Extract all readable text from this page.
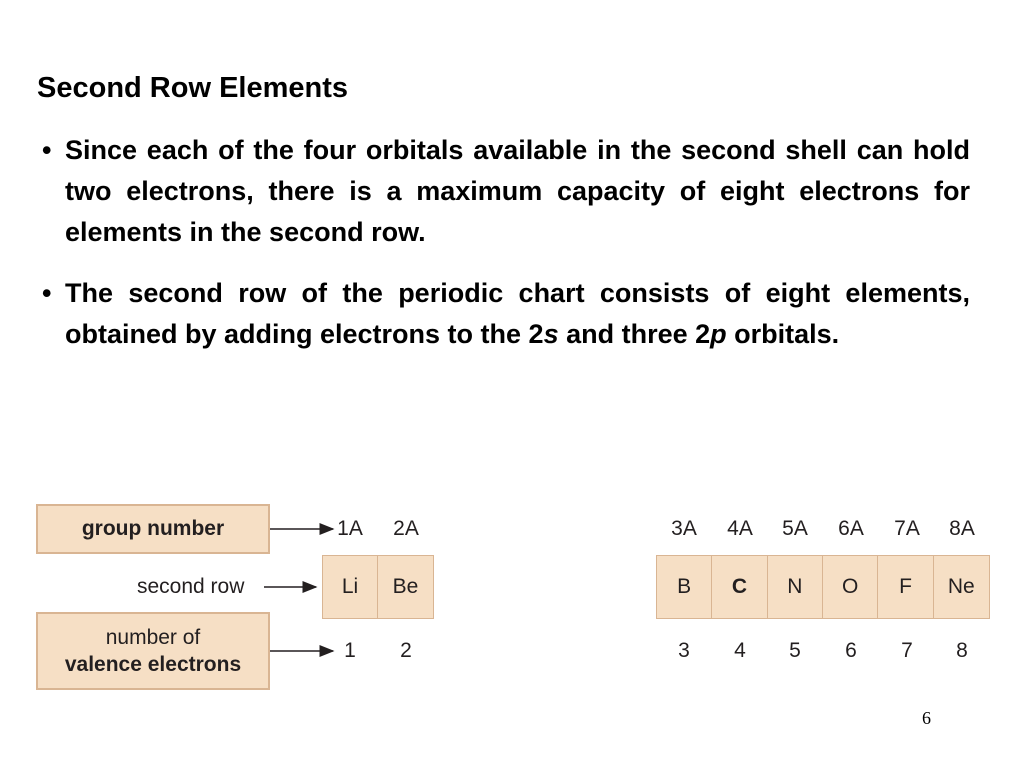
Second Row Elements
• Since each of the four orbitals available in the second shell can hold two electrons, there is a maximum capacity of eight electrons for elements in the second row.
• The second row of the periodic chart consists of eight elements, obtained by adding electrons to the 2s and three 2p orbitals.
group number
second row
number of
valence electrons
1A	2A
Li	Be
1	2
3A	4A	5A	6A	7A	8A
B	C	N	O	F	Ne
3	4	5	6	7	8
6
